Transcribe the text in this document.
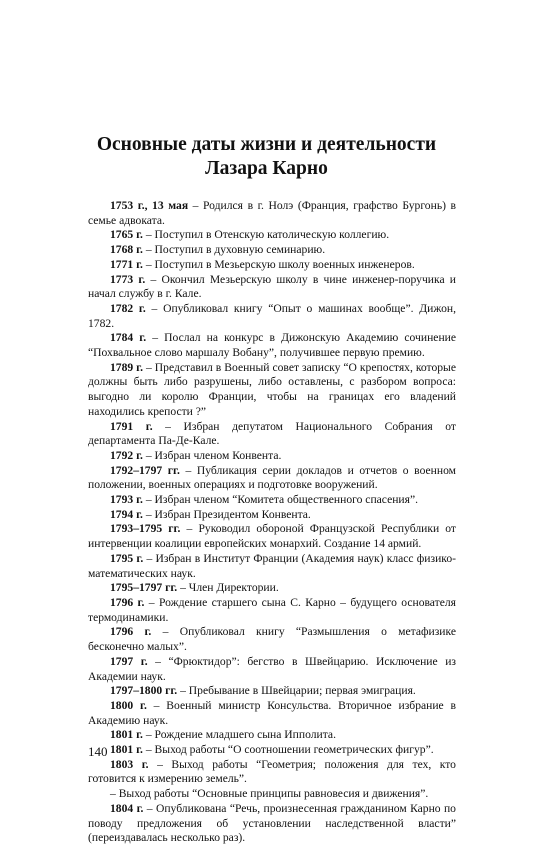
Основные даты жизни и деятельности
Лазара Карно

1753 г., 13 мая – Родился в г. Нолэ (Франция, графство Бургонь) в семье адвоката.

1765 г. – Поступил в Отенскую католическую коллегию.

1768 г. – Поступил в духовную семинарию.

1771 г. – Поступил в Мезьерскую школу военных инженеров.

1773 г. – Окончил Мезьерскую школу в чине инженер-поручика и начал службу в г. Кале.

1782 г. – Опубликовал книгу “Опыт о машинах вообще”. Дижон, 1782.

1784 г. – Послал на конкурс в Дижонскую Академию сочинение “Похвальное слово маршалу Вобану”, получившее первую премию.

1789 г. – Представил в Военный совет записку “О крепостях, которые должны быть либо разрушены, либо оставлены, с разбором вопроса: выгодно ли королю Франции, чтобы на границах его владений находились крепости ?”

1791 г. – Избран депутатом Национального Собрания от департамента Па-Де-Кале.

1792 г. – Избран членом Конвента.

1792–1797 гг. – Публикация серии докладов и отчетов о военном положении, военных операциях и подготовке вооружений.

1793 г. – Избран членом “Комитета общественного спасения”.

1794 г. – Избран Президентом Конвента.

1793–1795 гг. – Руководил обороной Французской Республики от интервенции коалиции европейских монархий. Создание 14 армий.

1795 г. – Избран в Институт Франции (Академия наук) класс физико-математических наук.

1795–1797 гг. – Член Директории.

1796 г. – Рождение старшего сына С. Карно – будущего основателя термодинамики.

1796 г. – Опубликовал книгу “Размышления о метафизике бесконечно малых”.

1797 г. – “Фрюктидор”: бегство в Швейцарию. Исключение из Академии наук.

1797–1800 гг. – Пребывание в Швейцарии; первая эмиграция.

1800 г. – Военный министр Консульства. Вторичное избрание в Академию наук.

1801 г. – Рождение младшего сына Ипполита.

1801 г. – Выход работы “О соотношении геометрических фигур”.

1803 г. – Выход работы “Геометрия; положения для тех, кто готовится к измерению земель”.

– Выход работы “Основные принципы равновесия и движения”.

1804 г. – Опубликована “Речь, произнесенная гражданином Карно по поводу предложения об установлении наследственной власти” (переиздавалась несколько раз).

140
